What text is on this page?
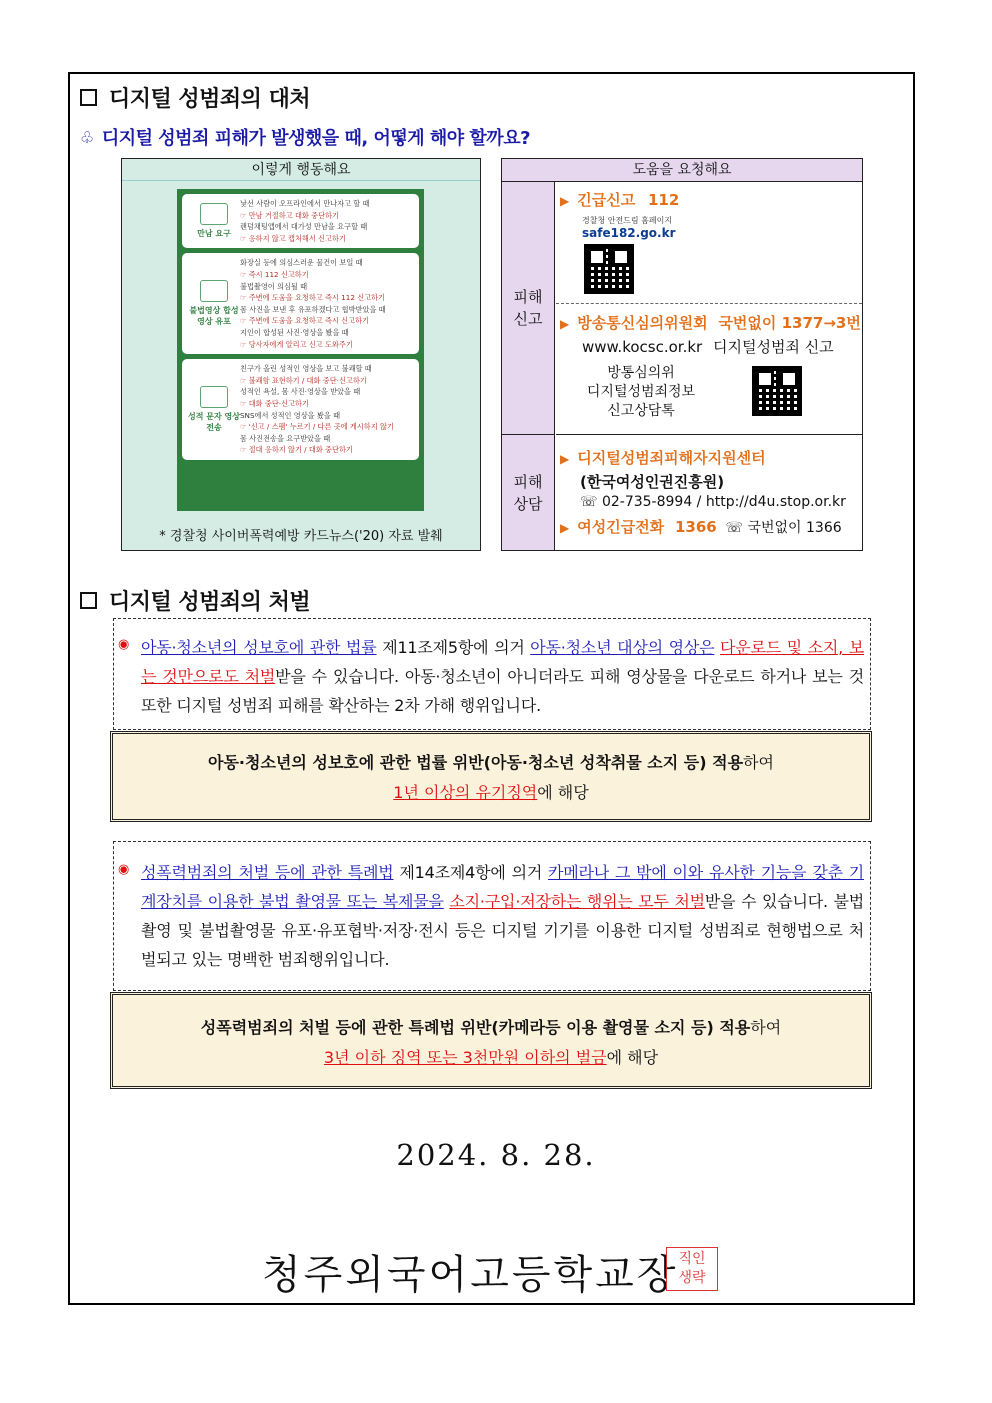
디지털 성범죄의 대처
♧ 디지털 성범죄 피해가 발생했을 때, 어떻게 해야 할까요?
이렇게 행동해요
만남 요구
낯선 사람이 오프라인에서 만나자고 할 때
☞ 만남 거절하고 대화 중단하기
랜덤채팅앱에서 대가성 만남을 요구할 때
☞ 응하지 않고 캡처해서 신고하기
불법영상 합성영상 유포
화장실 등에 의심스러운 물건이 보일 때
☞ 즉시 112 신고하기
불법촬영이 의심될 때
☞ 주변에 도움을 요청하고 즉시 112 신고하기
몸 사진을 보낸 후 유포하겠다고 협박받았을 때
☞ 주변에 도움을 요청하고 즉시 신고하기
지인이 합성된 사진·영상을 봤을 때
☞ 당사자에게 알리고 신고 도와주기
성적 문자 영상 전송
친구가 올린 성적인 영상을 보고 불쾌할 때
☞ 불쾌함 표현하기 / 대화 중단·신고하기
성적인 욕설, 몸 사진·영상을 받았을 때
☞ 대화 중단·신고하기
SNS에서 성적인 영상을 봤을 때
☞ '신고 / 스팸' 누르기 / 다른 곳에 게시하지 않기
몸 사진전송을 요구받았을 때
☞ 절대 응하지 않기 / 대화 중단하기
* 경찰청 사이버폭력예방 카드뉴스('20) 자료 발췌
도움을 요청해요
피해
신고
피해
상담
▶ 긴급신고 112
경찰청 안전드림 홈페이지
safe182.go.kr
▶ 방송통신심의위원회 국번없이 1377→3번
www.kocsc.or.kr 디지털성범죄 신고
방통심의위
디지털성범죄정보
신고상담톡
▶ 디지털성범죄피해자지원센터
(한국여성인권진흥원)
☏ 02-735-8994 / http://d4u.stop.or.kr
▶ 여성긴급전화 1366 ☏ 국번없이 1366
디지털 성범죄의 처벌
◉ 아동·청소년의 성보호에 관한 법률 제11조제5항에 의거 아동·청소년 대상의 영상은 다운로드 및 소지, 보는 것만으로도 처벌받을 수 있습니다. 아동·청소년이 아니더라도 피해 영상물을 다운로드 하거나 보는 것 또한 디지털 성범죄 피해를 확산하는 2차 가해 행위입니다.

아동·청소년의 성보호에 관한 법률 위반(아동·청소년 성착취물 소지 등) 적용하여
1년 이상의 유기징역에 해당
◉ 성폭력범죄의 처벌 등에 관한 특례법 제14조제4항에 의거 카메라나 그 밖에 이와 유사한 기능을 갖춘 기계장치를 이용한 불법 촬영물 또는 복제물을 소지·구입·저장하는 행위는 모두 처벌받을 수 있습니다. 불법촬영 및 불법촬영물 유포·유포협박·저장·전시 등은 디지털 기기를 이용한 디지털 성범죄로 현행법으로 처벌되고 있는 명백한 범죄행위입니다.

성폭력범죄의 처벌 등에 관한 특례법 위반(카메라등 이용 촬영물 소지 등) 적용하여
3년 이하 징역 또는 3천만원 이하의 벌금에 해당
2024. 8. 28.
청주외국어고등학교장 직인
생략
